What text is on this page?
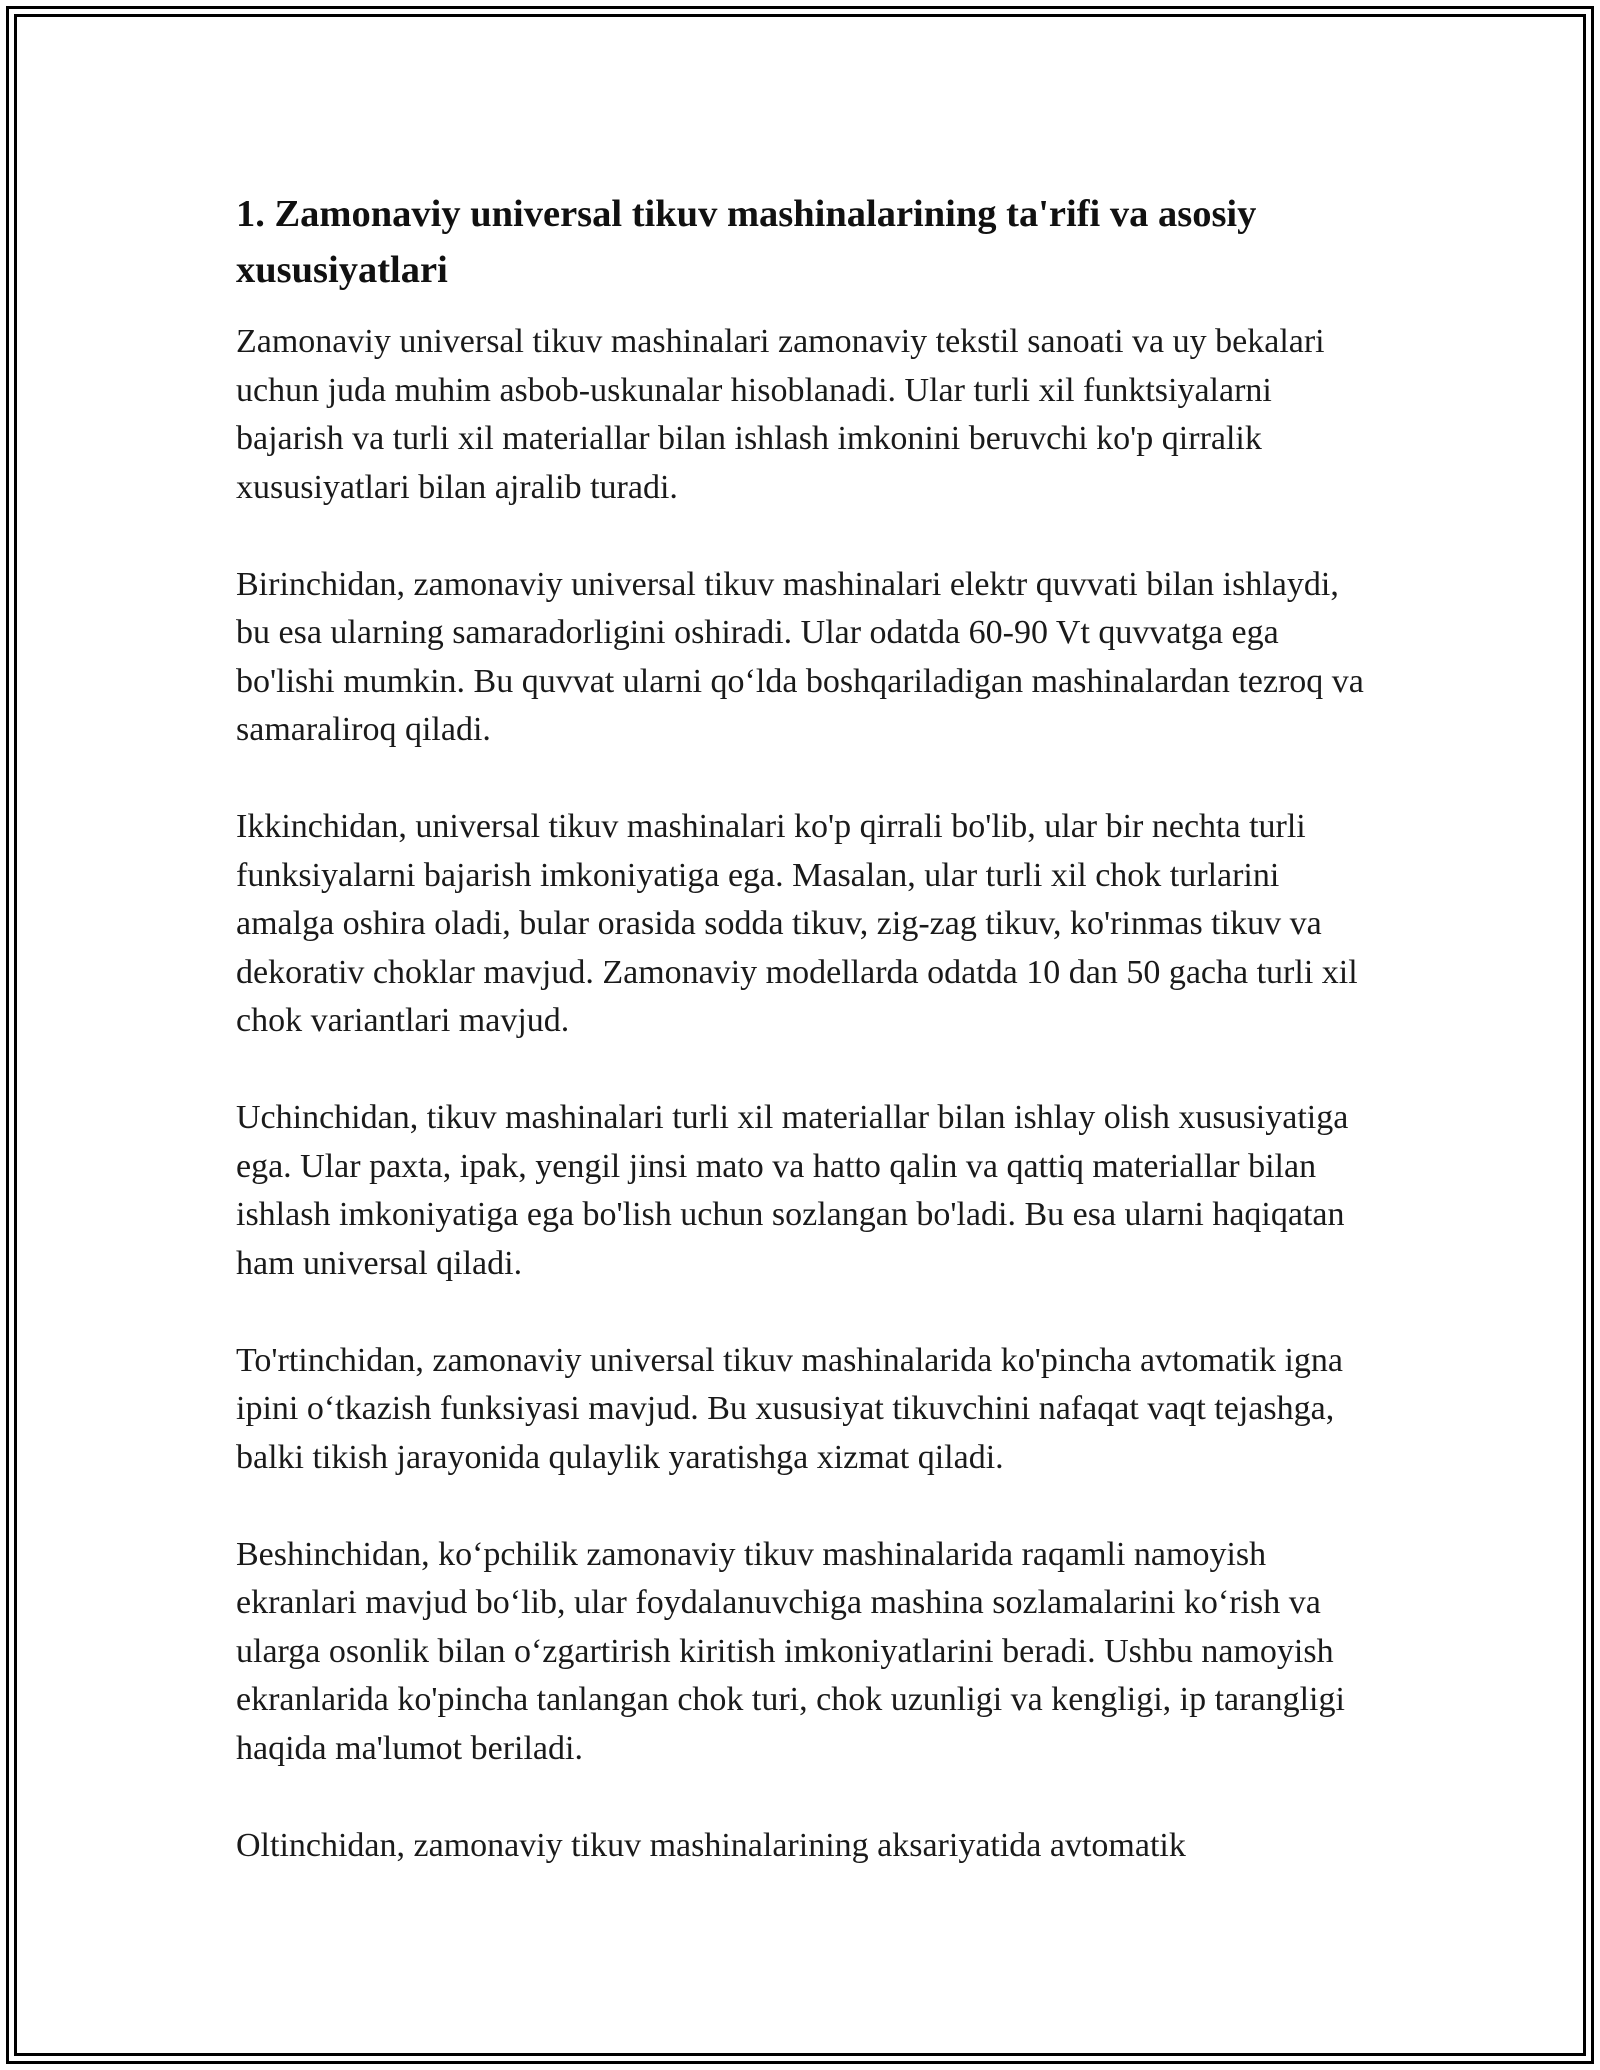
1. Zamonaviy universal tikuv mashinalarining ta'rifi va asosiy xususiyatlari

Zamonaviy universal tikuv mashinalari zamonaviy tekstil sanoati va uy bekalari uchun juda muhim asbob-uskunalar hisoblanadi. Ular turli xil funktsiyalarni bajarish va turli xil materiallar bilan ishlash imkonini beruvchi ko'p qirralik xususiyatlari bilan ajralib turadi.

Birinchidan, zamonaviy universal tikuv mashinalari elektr quvvati bilan ishlaydi, bu esa ularning samaradorligini oshiradi. Ular odatda 60-90 Vt quvvatga ega bo'lishi mumkin. Bu quvvat ularni qo‘lda boshqariladigan mashinalardan tezroq va samaraliroq qiladi.

Ikkinchidan, universal tikuv mashinalari ko'p qirrali bo'lib, ular bir nechta turli funksiyalarni bajarish imkoniyatiga ega. Masalan, ular turli xil chok turlarini amalga oshira oladi, bular orasida sodda tikuv, zig-zag tikuv, ko'rinmas tikuv va dekorativ choklar mavjud. Zamonaviy modellarda odatda 10 dan 50 gacha turli xil chok variantlari mavjud.

Uchinchidan, tikuv mashinalari turli xil materiallar bilan ishlay olish xususiyatiga ega. Ular paxta, ipak, yengil jinsi mato va hatto qalin va qattiq materiallar bilan ishlash imkoniyatiga ega bo'lish uchun sozlangan bo'ladi. Bu esa ularni haqiqatan ham universal qiladi.

To'rtinchidan, zamonaviy universal tikuv mashinalarida ko'pincha avtomatik igna ipini o‘tkazish funksiyasi mavjud. Bu xususiyat tikuvchini nafaqat vaqt tejashga, balki tikish jarayonida qulaylik yaratishga xizmat qiladi.

Beshinchidan, ko‘pchilik zamonaviy tikuv mashinalarida raqamli namoyish ekranlari mavjud bo‘lib, ular foydalanuvchiga mashina sozlamalarini ko‘rish va ularga osonlik bilan o‘zgartirish kiritish imkoniyatlarini beradi. Ushbu namoyish ekranlarida ko'pincha tanlangan chok turi, chok uzunligi va kengligi, ip tarangligi haqida ma'lumot beriladi.

Oltinchidan, zamonaviy tikuv mashinalarining aksariyatida avtomatik
